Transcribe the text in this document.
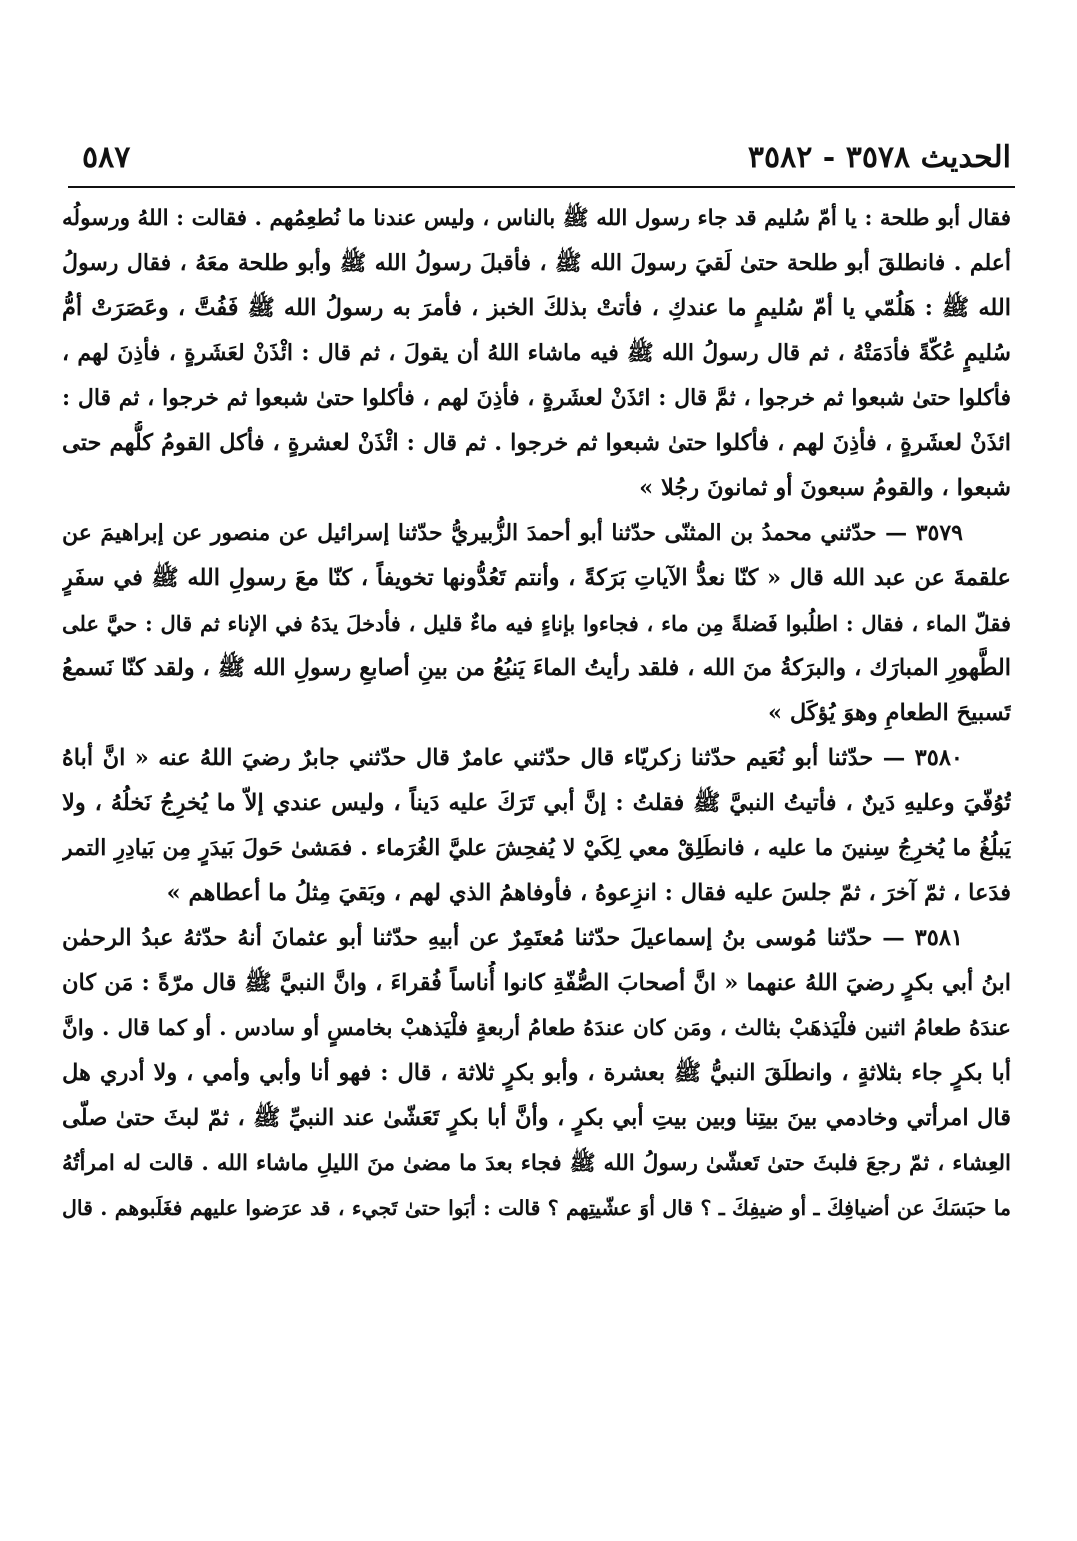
الحديث ٣٥٧٨ - ٣٥٨٢
٥٨٧
فقال أبو طلحة : يا أمّ سُليم قد جاء رسول الله ﷺ بالناس ، وليس عندنا ما نُطعِمُهم . فقالت : اللهُ ورسولُه
أعلم . فانطلقَ أبو طلحة حتىٰ لَقيَ رسولَ الله ﷺ ، فأقبلَ رسولُ الله ﷺ وأبو طلحة معَهُ ، فقال رسولُ
الله ﷺ : هَلُمّي يا أمّ سُليمٍ ما عندكِ ، فأتتْ بذلكَ الخبز ، فأمرَ به رسولُ الله ﷺ فَفُتَّ ، وعَصَرَتْ أمُّ
سُليمٍ عُكّةً فأدَمَتْهُ ، ثم قال رسولُ الله ﷺ فيه ماشاء اللهُ أن يقولَ ، ثم قال : ائْذَنْ لعَشَرةٍ ، فأذِنَ لهم ،
فأكلوا حتىٰ شبعوا ثم خرجوا ، ثمَّ قال : ائذَنْ لعشَرةٍ ، فأذِنَ لهم ، فأكلوا حتىٰ شبعوا ثم خرجوا ، ثم قال :
ائذَنْ لعشَرةٍ ، فأذِنَ لهم ، فأكلوا حتىٰ شبعوا ثم خرجوا . ثم قال : ائْذَنْ لعشرةٍ ، فأكل القومُ كلُّهم حتى
شبعوا ، والقومُ سبعونَ أو ثمانونَ رجُلا »
٣٥٧٩ — حدّثني محمدُ بن المثنّى حدّثنا أبو أحمدَ الزُّبيريُّ حدّثنا إسرائيل عن منصور عن إبراهيمَ عن
علقمةَ عن عبد الله قال « كنّا نعدُّ الآياتِ بَرَكةً ، وأنتم تَعُدُّونها تخويفاً ، كنّا معَ رسولِ الله ﷺ في سفَرٍ
فقلّ الماء ، فقال : اطلُبوا فَضلةً مِن ماء ، فجاءوا بإناءٍ فيه ماءٌ قليل ، فأدخلَ يدَهُ في الإناء ثم قال : حيَّ على
الطَّهورِ المبارَك ، والبرَكةُ منَ الله ، فلقد رأيتُ الماءَ يَنبُعُ من بينِ أصابعِ رسولِ الله ﷺ ، ولقد كنّا نَسمعُ
تَسبيحَ الطعامِ وهوَ يُؤكَل »
٣٥٨٠ — حدّثنا أبو نُعَيم حدّثنا زكريّاء قال حدّثني عامرٌ قال حدّثني جابرٌ رضيَ اللهُ عنه « انَّ أباهُ
تُوُفّيَ وعليهِ دَينٌ ، فأتيتُ النبيَّ ﷺ فقلتُ : إنَّ أبي تَرَكَ عليه دَيناً ، وليس عندي إلاّ ما يُخرِجُ نَخلُهُ ، ولا
يَبلُغُ ما يُخرِجُ سِنينَ ما عليه ، فانطَلِقْ معي لِكَيْ لا يُفحِشَ عليَّ الغُرَماء . فمَشىٰ حَولَ بَيدَرٍ مِن بَيادِرِ التمر
فدَعا ، ثمّ آخرَ ، ثمّ جلسَ عليه فقال : انزِعوهُ ، فأوفاهمُ الذي لهم ، وبَقيَ مِثلُ ما أعطاهم »
٣٥٨١ — حدّثنا مُوسى بنُ إسماعيلَ حدّثنا مُعتَمِرٌ عن أبيهِ حدّثنا أبو عثمانَ أنهُ حدّثهُ عبدُ الرحمٰن
ابنُ أبي بكرٍ رضيَ اللهُ عنهما « انَّ أصحابَ الصُّفّةِ كانوا أُناساً فُقراءَ ، وانَّ النبيَّ ﷺ قال مرّةً : مَن كان
عندَهُ طعامُ اثنين فلْيَذهَبْ بثالث ، ومَن كان عندَهُ طعامُ أربعةٍ فلْيَذهبْ بخامسٍ أو سادس . أو كما قال . وانَّ
أبا بكرٍ جاء بثلاثةٍ ، وانطلَقَ النبيُّ ﷺ بعشرة ، وأبو بكرٍ ثلاثة ، قال : فهو أنا وأبي وأمي ، ولا أدري هل
قال امرأتي وخادمي بينَ بيتِنا وبين بيتِ أبي بكرٍ ، وأنَّ أبا بكرٍ تَعَشّىٰ عند النبيِّ ﷺ ، ثمّ لبثَ حتىٰ صلّى
العِشاء ، ثمّ رجعَ فلبثَ حتىٰ تَعشّىٰ رسولُ الله ﷺ فجاء بعدَ ما مضىٰ منَ الليلِ ماشاء الله . قالت له امرأتُهُ
ما حبَسَكَ عن أضيافِكَ ـ أو ضيفِكَ ـ ؟ قال أوَ عشّيتِهم ؟ قالت : أبَوا حتىٰ تَجيء ، قد عرَضوا عليهم فغَلَبوهم . قال
